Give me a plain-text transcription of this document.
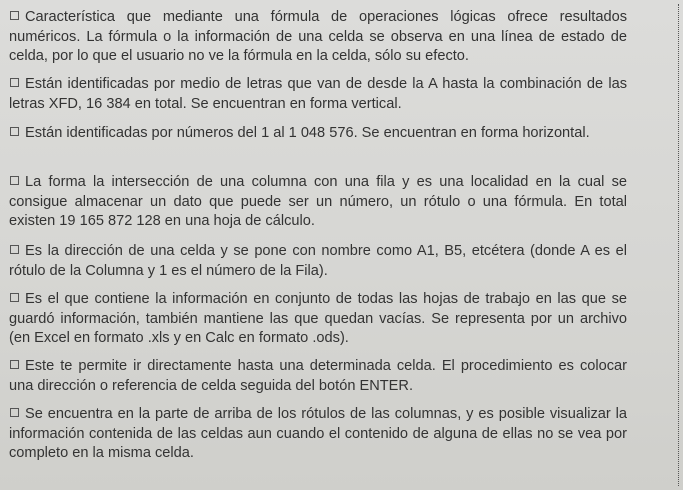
Característica que mediante una fórmula de operaciones lógicas ofrece resultados numéricos. La fórmula o la información de una celda se observa en una línea de estado de celda, por lo que el usuario no ve la fórmula en la celda, sólo su efecto.
Están identificadas por medio de letras que van de desde la A hasta la combinación de las letras XFD, 16 384 en total. Se encuentran en forma vertical.
Están identificadas por números del 1 al 1 048 576. Se encuentran en forma horizontal.
La forma la intersección de una columna con una fila y es una localidad en la cual se consigue almacenar un dato que puede ser un número, un rótulo o una fórmula. En total existen 19 165 872 128 en una hoja de cálculo.
Es la dirección de una celda y se pone con nombre como A1, B5, etcétera (donde A es el rótulo de la Columna y 1 es el número de la Fila).
Es el que contiene la información en conjunto de todas las hojas de trabajo en las que se guardó información, también mantiene las que quedan vacías. Se representa por un archivo (en Excel en formato .xls y en Calc en formato .ods).
Este te permite ir directamente hasta una determinada celda. El procedimiento es colocar una dirección o referencia de celda seguida del botón ENTER.
Se encuentra en la parte de arriba de los rótulos de las columnas, y es posible visualizar la información contenida de las celdas aun cuando el contenido de alguna de ellas no se vea por completo en la misma celda.
